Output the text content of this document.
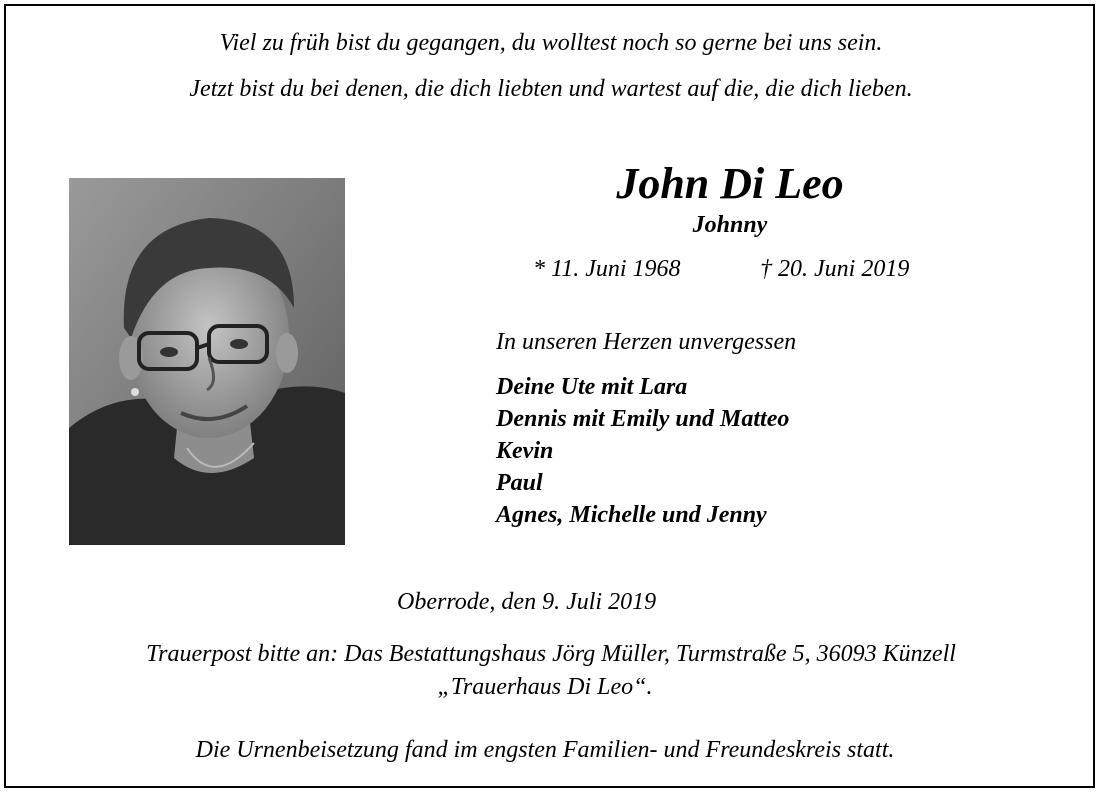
Viel zu früh bist du gegangen, du wolltest noch so gerne bei uns sein.
Jetzt bist du bei denen, die dich liebten und wartest auf die, die dich lieben.
John Di Leo
Johnny
* 11. Juni 1968	† 20. Juni 2019
In unseren Herzen unvergessen
Deine Ute mit Lara
Dennis mit Emily und Matteo
Kevin
Paul
Agnes, Michelle und Jenny
Oberrode, den 9. Juli 2019
Trauerpost bitte an: Das Bestattungshaus Jörg Müller, Turmstraße 5, 36093 Künzell
„Trauerhaus Di Leo“.
Die Urnenbeisetzung fand im engsten Familien- und Freundeskreis statt.
